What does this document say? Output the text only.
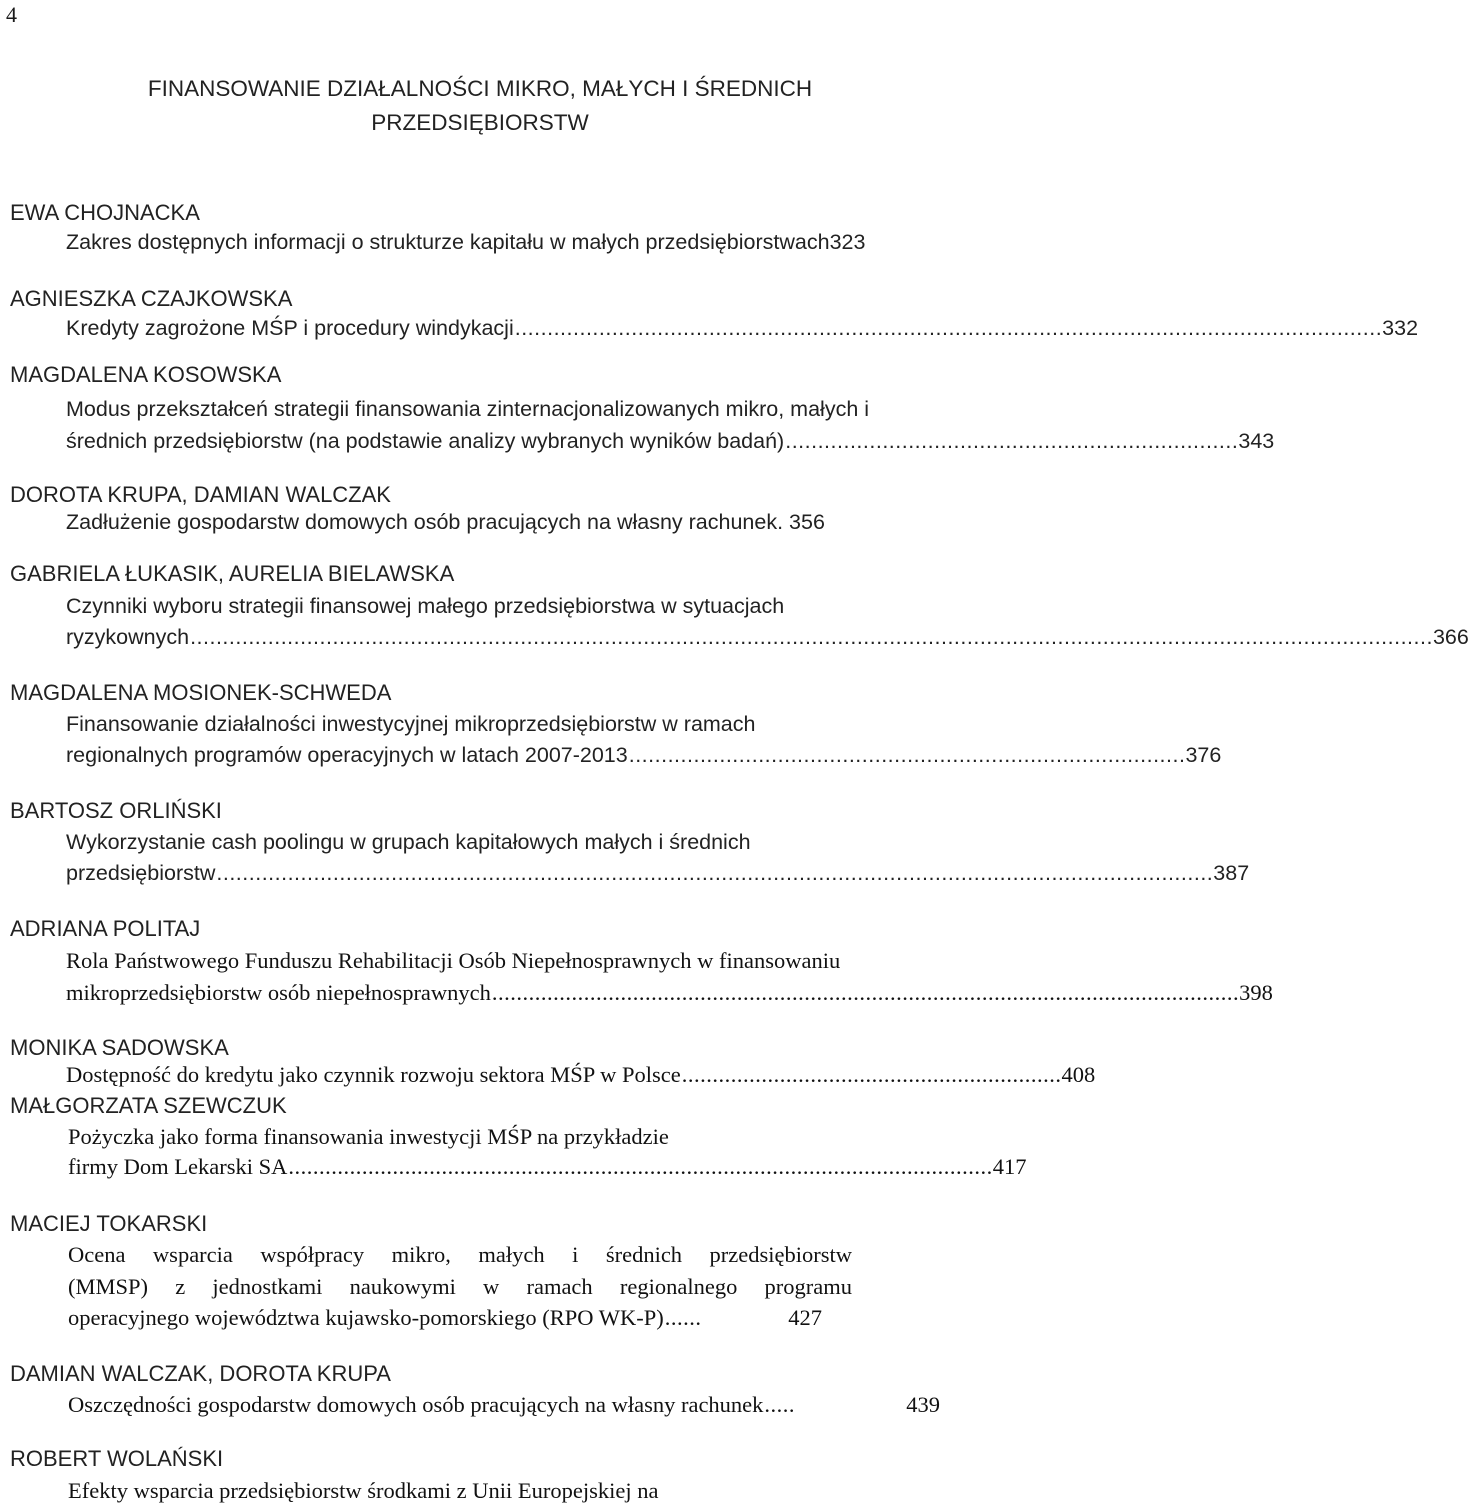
4
FINANSOWANIE DZIAŁALNOŚCI MIKRO, MAŁYCH I ŚREDNICH
PRZEDSIĘBIORSTW
EWA CHOJNACKA
Zakres dostępnych informacji o strukturze kapitału w małych przedsiębiorstwach323
AGNIESZKA CZAJKOWSKA
Kredyty zagrożone MŚP i procedury windykacji ...................................................................................................................................... 332
MAGDALENA KOSOWSKA
Modus przekształceń strategii finansowania zinternacjonalizowanych mikro, małych i
średnich przedsiębiorstw (na podstawie analizy wybranych wyników badań) ...................................................................... 343
DOROTA KRUPA, DAMIAN WALCZAK
Zadłużenie gospodarstw domowych osób pracujących na własny rachunek . 356
GABRIELA ŁUKASIK, AURELIA BIELAWSKA
Czynniki wyboru strategii finansowej małego przedsiębiorstwa w sytuacjach
ryzykownych ................................................................................................................................................................................................ 366
MAGDALENA MOSIONEK-SCHWEDA
Finansowanie działalności inwestycyjnej mikroprzedsiębiorstw w ramach
regionalnych programów operacyjnych w latach 2007-2013 ...................................................................................... 376
BARTOSZ ORLIŃSKI
Wykorzystanie cash poolingu w grupach kapitałowych małych i średnich
przedsiębiorstw .......................................................................................................................................................... 387
ADRIANA POLITAJ
Rola Państwowego Funduszu Rehabilitacji Osób Niepełnosprawnych w finansowaniu
mikroprzedsiębiorstw osób niepełnosprawnych .......................................................................................................................... 398
MONIKA SADOWSKA
Dostępność do kredytu jako czynnik rozwoju sektora MŚP w Polsce .............................................................. 408
MAŁGORZATA SZEWCZUK
Pożyczka jako forma finansowania inwestycji MŚP na przykładzie
firmy Dom Lekarski SA ................................................................................................................... 417
MACIEJ TOKARSKI
Ocena wsparcia współpracy mikro, małych i średnich przedsiębiorstw
(MMSP) z jednostkami naukowymi w ramach regionalnego programu
operacyjnego województwa kujawsko-pomorskiego (RPO WK-P) ......	427
DAMIAN WALCZAK, DOROTA KRUPA
Oszczędności gospodarstw domowych osób pracujących na własny rachunek .....	439
ROBERT WOLAŃSKI
Efekty wsparcia przedsiębiorstw środkami z Unii Europejskiej na
